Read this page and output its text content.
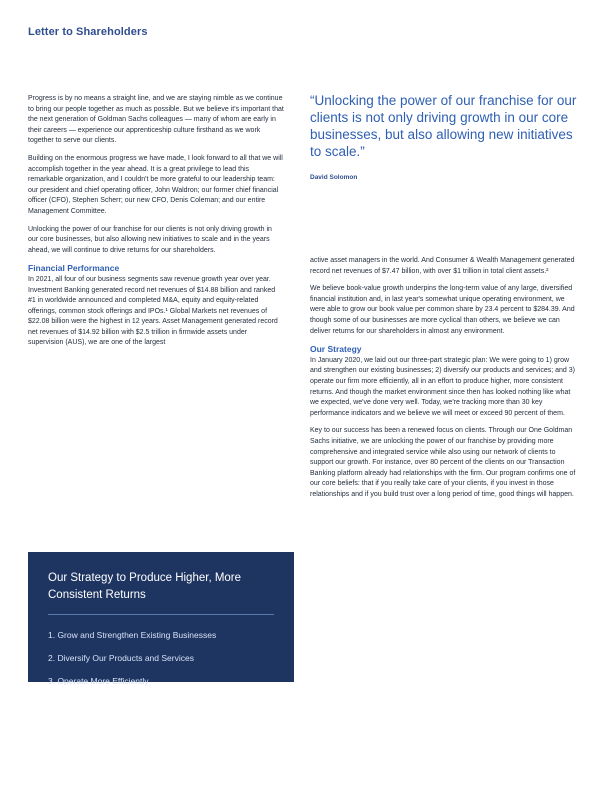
Letter to Shareholders

Progress is by no means a straight line, and we are staying nimble as we continue to bring our people together as much as possible. But we believe it's important that the next generation of Goldman Sachs colleagues — many of whom are early in their careers — experience our apprenticeship culture firsthand as we work together to serve our clients.

Building on the enormous progress we have made, I look forward to all that we will accomplish together in the year ahead. It is a great privilege to lead this remarkable organization, and I couldn't be more grateful to our leadership team: our president and chief operating officer, John Waldron; our former chief financial officer (CFO), Stephen Scherr; our new CFO, Denis Coleman; and our entire Management Committee.

Unlocking the power of our franchise for our clients is not only driving growth in our core businesses, but also allowing new initiatives to scale and in the years ahead, we will continue to drive returns for our shareholders.

Financial Performance

In 2021, all four of our business segments saw revenue growth year over year. Investment Banking generated record net revenues of $14.88 billion and ranked #1 in worldwide announced and completed M&A, equity and equity-related offerings, common stock offerings and IPOs.¹ Global Markets net revenues of $22.08 billion were the highest in 12 years. Asset Management generated record net revenues of $14.92 billion with $2.5 trillion in firmwide assets under supervision (AUS), we are one of the largest

“Unlocking the power of our franchise for our clients is not only driving growth in our core businesses, but also allowing new initiatives to scale.”
David Solomon

active asset managers in the world. And Consumer & Wealth Management generated record net revenues of $7.47 billion, with over $1 trillion in total client assets.²

We believe book-value growth underpins the long-term value of any large, diversified financial institution and, in last year's somewhat unique operating environment, we were able to grow our book value per common share by 23.4 percent to $284.39. And though some of our businesses are more cyclical than others, we believe we can deliver returns for our shareholders in almost any environment.

Our Strategy

In January 2020, we laid out our three-part strategic plan: We were going to 1) grow and strengthen our existing businesses; 2) diversify our products and services; and 3) operate our firm more efficiently, all in an effort to produce higher, more consistent returns. And though the market environment since then has looked nothing like what we expected, we've done very well. Today, we're tracking more than 30 key performance indicators and we believe we will meet or exceed 90 percent of them.

Key to our success has been a renewed focus on clients. Through our One Goldman Sachs initiative, we are unlocking the power of our franchise by providing more comprehensive and integrated service while also using our network of clients to support our growth. For instance, over 80 percent of the clients on our Transaction Banking platform already had relationships with the firm. Our program confirms one of our core beliefs: that if you really take care of your clients, if you invest in those relationships and if you build trust over a long period of time, good things will happen.

Our Strategy to Produce Higher, More Consistent Returns
1. Grow and Strengthen Existing Businesses
2. Diversify Our Products and Services
3. Operate More Efficiently
